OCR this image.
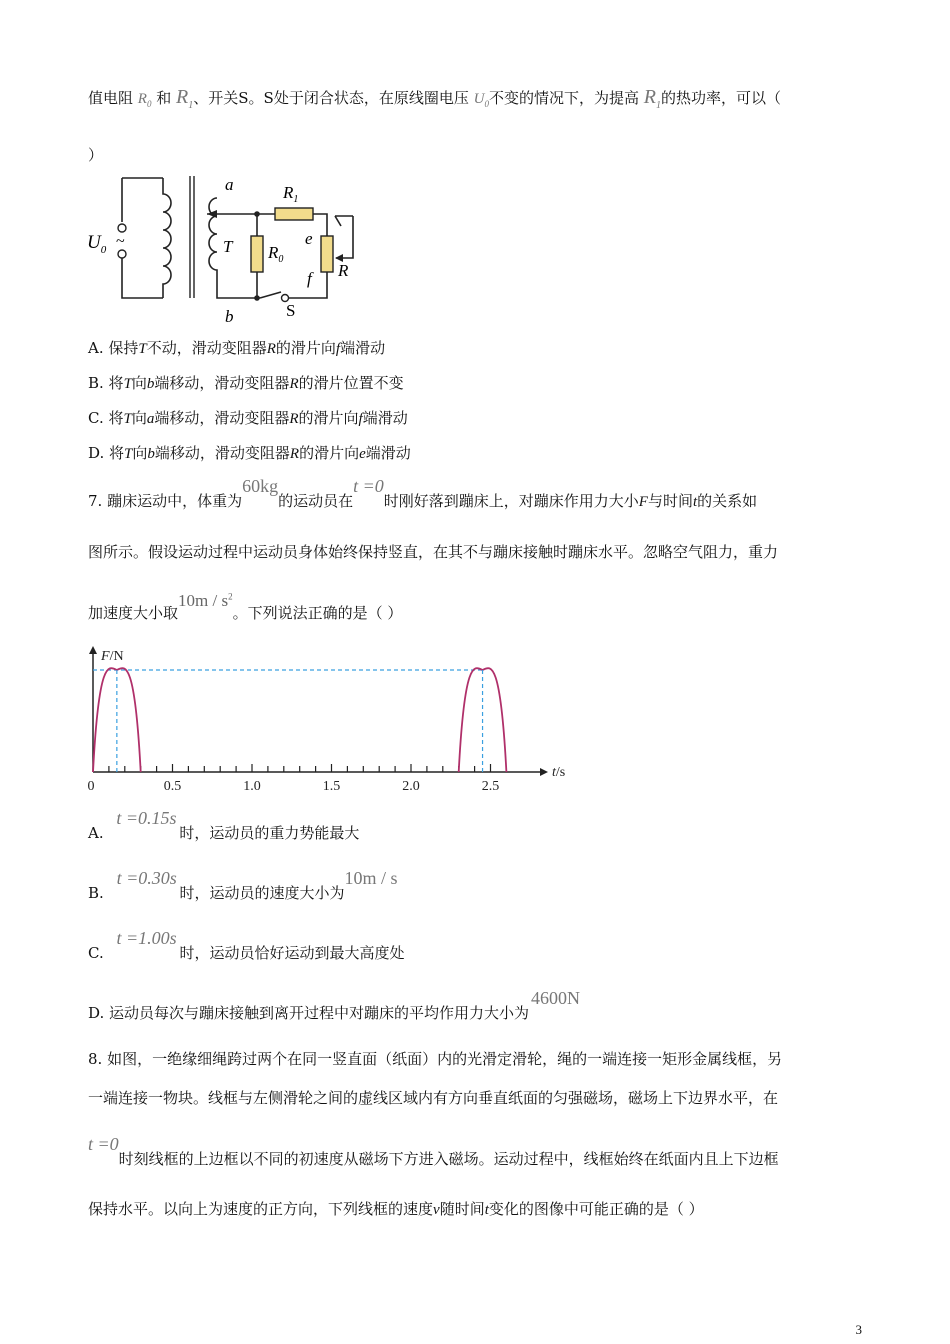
值电阻 $R_0$ 和 $R_1$、开关S。S处于闭合状态，在原线圈电压 $U_0$不变的情况下，为提高 $R_1$的热功率，可以（
）
a
T
b
$R_1$
$R_0$
e
f R
S
$U_0$ ~
A. 保持T不动，滑动变阻器R的滑片向f端滑动
B. 将T向b端移动，滑动变阻器R的滑片位置不变
C. 将T向a端移动，滑动变阻器R的滑片向f端滑动
D. 将T向b端移动，滑动变阻器R的滑片向e端滑动
7. 蹦床运动中，体重为60kg的运动员在t =0时刚好落到蹦床上，对蹦床作用力大小F与时间t的关系如
图所示。假设运动过程中运动员身体始终保持竖直，在其不与蹦床接触时蹦床水平。忽略空气阻力，重力
加速度大小取$10m / s^2$。下列说法正确的是（ ）
0.5	1.0	1.5	2.0	2.5
0
F/N
t/s
A. t =0.15s 时，运动员的重力势能最大
B. t =0.30s 时，运动员的速度大小为10m / s
C. t =1.00s 时，运动员恰好运动到最大高度处
D. 运动员每次与蹦床接触到离开过程中对蹦床的平均作用力大小为4600N
8. 如图，一绝缘细绳跨过两个在同一竖直面（纸面）内的光滑定滑轮，绳的一端连接一矩形金属线框，另
一端连接一物块。线框与左侧滑轮之间的虚线区域内有方向垂直纸面的匀强磁场，磁场上下边界水平，在
t =0时刻线框的上边框以不同的初速度从磁场下方进入磁场。运动过程中，线框始终在纸面内且上下边框
保持水平。以向上为速度的正方向，下列线框的速度v随时间t变化的图像中可能正确的是（ ）
3
